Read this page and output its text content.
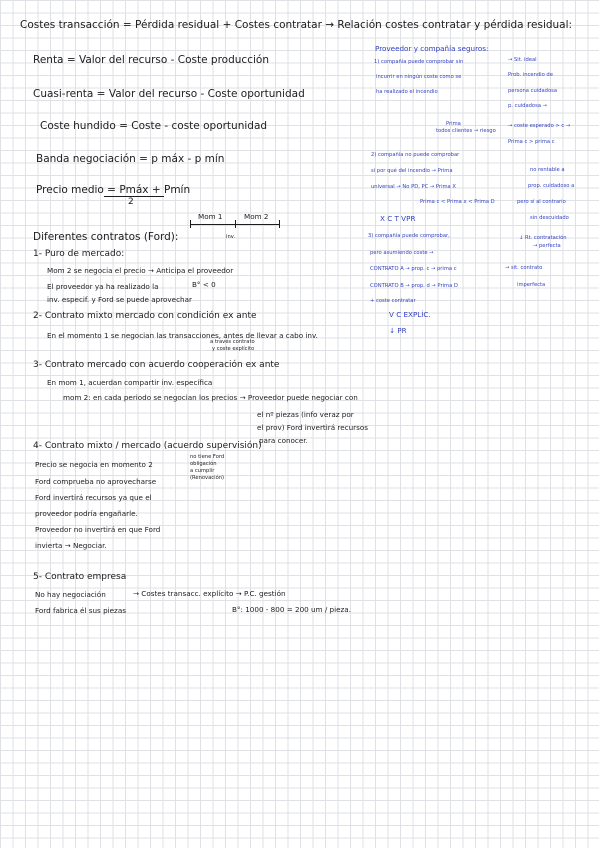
Costes transacción = Pérdida residual + Costes contratar → Relación costes contratar y pérdida residual:
Renta = Valor del recurso - Coste producción
Cuasi-renta = Valor del recurso - Coste oportunidad
Coste hundido = Coste - coste oportunidad
Banda negociación = p máx - p mín
Precio medio = Pmáx + Pmín
2
Mom 1	Mom 2
inv.
Diferentes contratos (Ford):
1- Puro de mercado:
Mom 2 se negocia el precio → Anticipa el proveedor
El proveedor ya ha realizado la	B° < 0
inv. especif. y Ford se puede aprovechar
2- Contrato mixto mercado con condición ex ante
En el momento 1 se negocian las transacciones, antes de llevar a cabo inv.
a través contrato
y coste explícito
3- Contrato mercado con acuerdo cooperación ex ante
En mom 1, acuerdan compartir inv. específica
mom 2: en cada periodo se negocian los precios → Proveedor puede negociar con
el nº piezas (info veraz por
el prov) Ford invertirá recursos
para conocer.
4- Contrato mixto / mercado (acuerdo supervisión)
no tiene Ford
obligación
a cumplir
(Renovación)
Precio se negocia en momento 2
Ford comprueba no aprovecharse
Ford invertirá recursos ya que el
proveedor podría engañarle.
Proveedor no invertirá en que Ford
invierta → Negociar.
5- Contrato empresa
No hay negociación	→ Costes transacc. explícito → P.C. gestión
Ford fabrica él sus piezas	B°: 1000 - 800 = 200 um / pieza.
Proveedor y compañía seguros:
1) compañía puede comprobar sin
incurrir en ningún coste como se
ha realizado el incendio
→ Sit. ideal
Prob. incendio de
persona cuidadosa
p. cuidadosa →
Prima
todos clientes → riesgo
→ coste esperado > c →
Prima c > prima c
2) compañía no puede comprobar
si por qué del incendio → Prima
universal → No PD, PC → Prima X
Prima c < Prima x < Prima D
X C T VPR
no rentable a
prop. cuidadoso a
pero sí al contrario
sin descuidado
3) compañía puede comprobar,
pero asumiendo coste →
CONTRATO A → prop. c → prima c
CONTRATO B → prop. d → Prima D
+ coste contratar
V C EXPLÍC.
↓ PR
↓ Rt. contratación
→ perfecta
→ sit. contrato
imperfecta
